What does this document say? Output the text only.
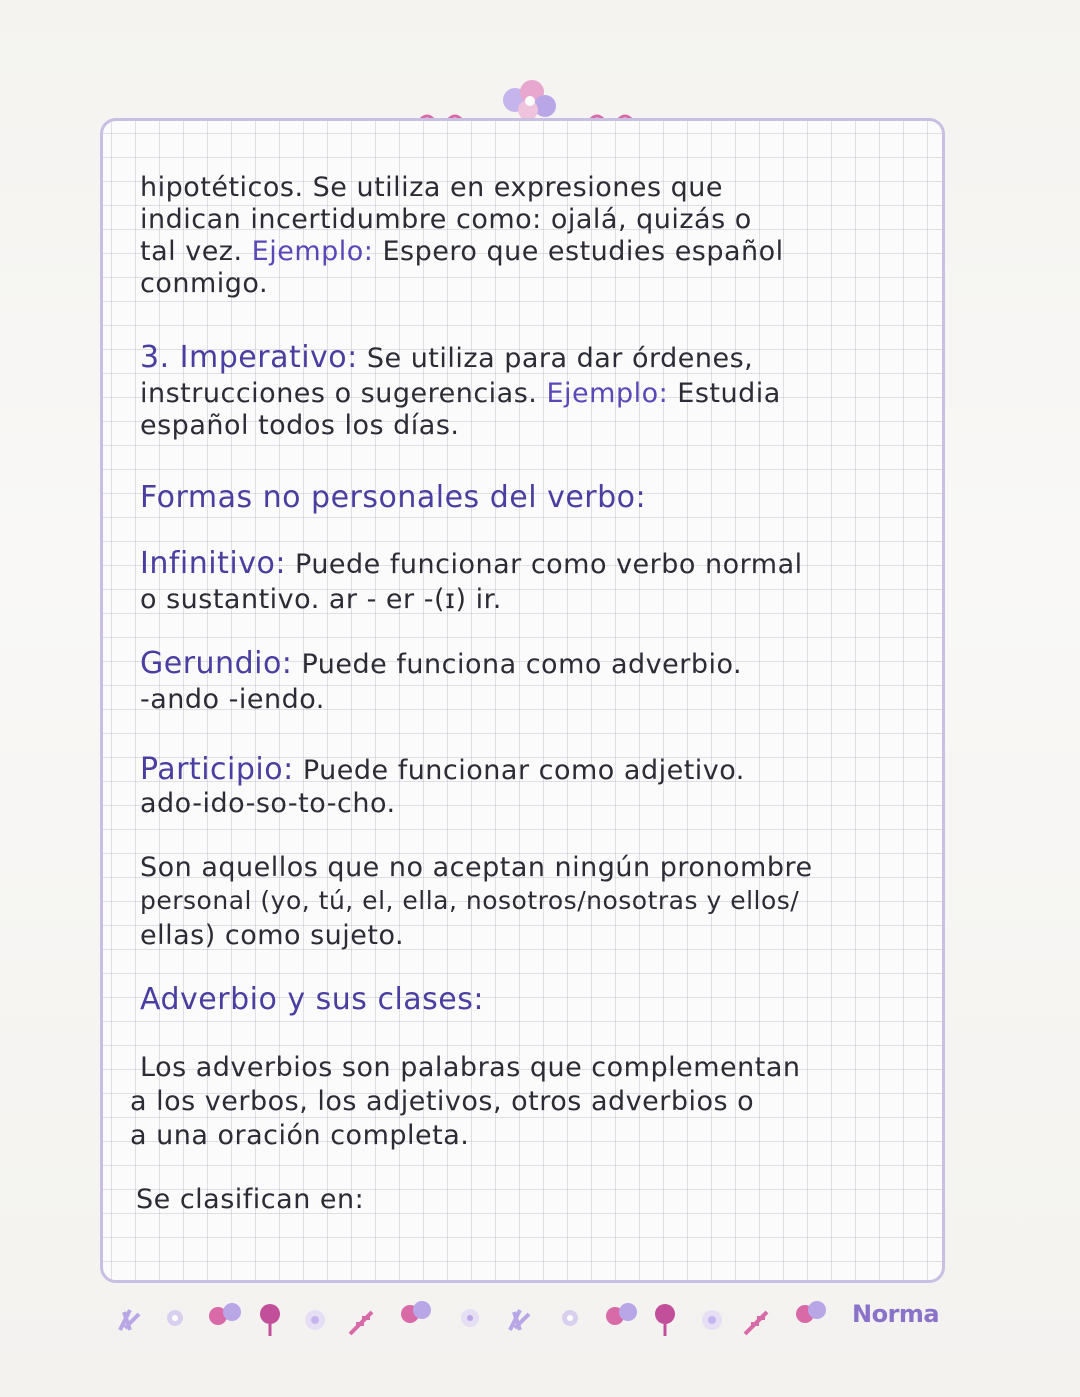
hipotéticos. Se utiliza en expresiones que
indican incertidumbre como: ojalá, quizás o
tal vez. Ejemplo: Espero que estudies español
conmigo.
3. Imperativo: Se utiliza para dar órdenes,
instrucciones o sugerencias. Ejemplo: Estudia
español todos los días.
Formas no personales del verbo:
Infinitivo: Puede funcionar como verbo normal
o sustantivo. ar - er -(ɪ) ir.
Gerundio: Puede funciona como adverbio.
-ando -iendo.
Participio: Puede funcionar como adjetivo.
ado-ido-so-to-cho.
Son aquellos que no aceptan ningún pronombre
personal (yo, tú, el, ella, nosotros/nosotras y ellos/
ellas) como sujeto.
Adverbio y sus clases:
Los adverbios son palabras que complementan
a los verbos, los adjetivos, otros adverbios o
a una oración completa.
Se clasifican en:
Norma
